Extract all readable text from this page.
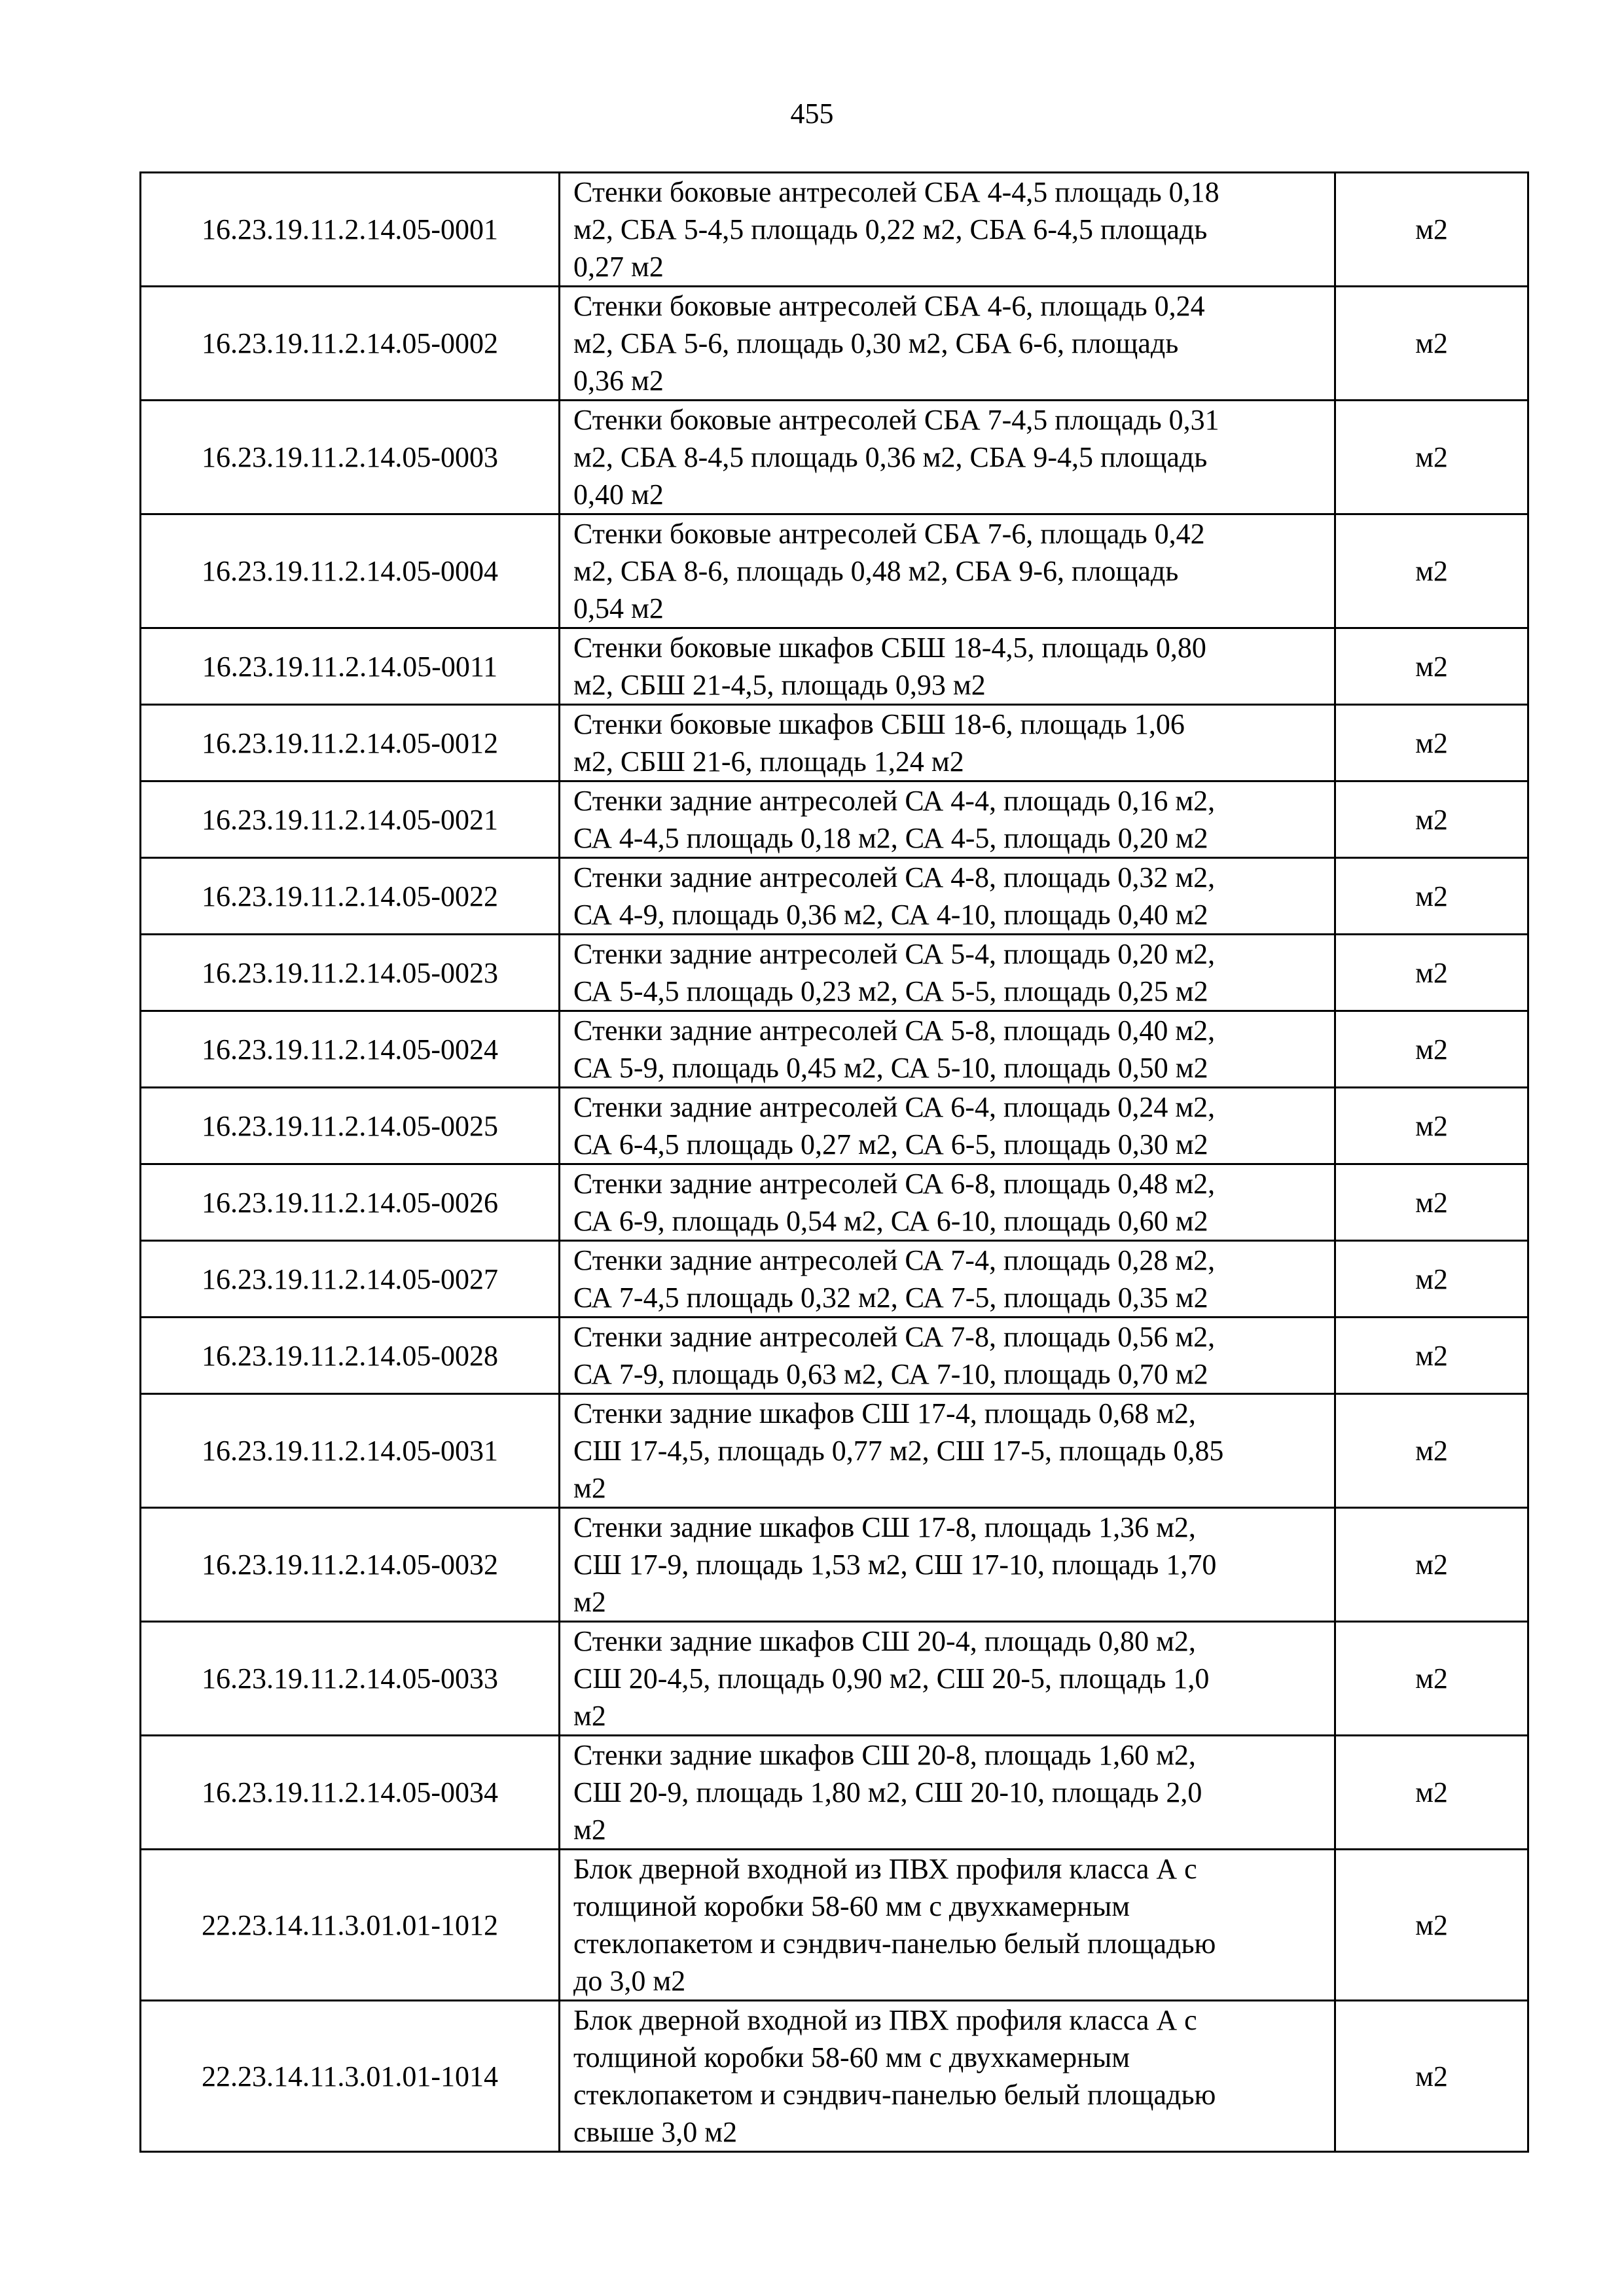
455
16.23.19.11.2.14.05-0001	Стенки боковые антресолей СБА 4-4,5 площадь 0,18
м2, СБА 5-4,5 площадь 0,22 м2, СБА 6-4,5 площадь
0,27 м2	м2
16.23.19.11.2.14.05-0002	Стенки боковые антресолей СБА 4-6, площадь 0,24
м2, СБА 5-6, площадь 0,30 м2, СБА 6-6, площадь
0,36 м2	м2
16.23.19.11.2.14.05-0003	Стенки боковые антресолей СБА 7-4,5 площадь 0,31
м2, СБА 8-4,5 площадь 0,36 м2, СБА 9-4,5 площадь
0,40 м2	м2
16.23.19.11.2.14.05-0004	Стенки боковые антресолей СБА 7-6, площадь 0,42
м2, СБА 8-6, площадь 0,48 м2, СБА 9-6, площадь
0,54 м2	м2
16.23.19.11.2.14.05-0011	Стенки боковые шкафов СБШ 18-4,5, площадь 0,80
м2, СБШ 21-4,5, площадь 0,93 м2	м2
16.23.19.11.2.14.05-0012	Стенки боковые шкафов СБШ 18-6, площадь 1,06
м2, СБШ 21-6, площадь 1,24 м2	м2
16.23.19.11.2.14.05-0021	Стенки задние антресолей СА 4-4, площадь 0,16 м2,
СА 4-4,5 площадь 0,18 м2, СА 4-5, площадь 0,20 м2	м2
16.23.19.11.2.14.05-0022	Стенки задние антресолей СА 4-8, площадь 0,32 м2,
СА 4-9, площадь 0,36 м2, СА 4-10, площадь 0,40 м2	м2
16.23.19.11.2.14.05-0023	Стенки задние антресолей СА 5-4, площадь 0,20 м2,
СА 5-4,5 площадь 0,23 м2, СА 5-5, площадь 0,25 м2	м2
16.23.19.11.2.14.05-0024	Стенки задние антресолей СА 5-8, площадь 0,40 м2,
СА 5-9, площадь 0,45 м2, СА 5-10, площадь 0,50 м2	м2
16.23.19.11.2.14.05-0025	Стенки задние антресолей СА 6-4, площадь 0,24 м2,
СА 6-4,5 площадь 0,27 м2, СА 6-5, площадь 0,30 м2	м2
16.23.19.11.2.14.05-0026	Стенки задние антресолей СА 6-8, площадь 0,48 м2,
СА 6-9, площадь 0,54 м2, СА 6-10, площадь 0,60 м2	м2
16.23.19.11.2.14.05-0027	Стенки задние антресолей СА 7-4, площадь 0,28 м2,
СА 7-4,5 площадь 0,32 м2, СА 7-5, площадь 0,35 м2	м2
16.23.19.11.2.14.05-0028	Стенки задние антресолей СА 7-8, площадь 0,56 м2,
СА 7-9, площадь 0,63 м2, СА 7-10, площадь 0,70 м2	м2
16.23.19.11.2.14.05-0031	Стенки задние шкафов СШ 17-4, площадь 0,68 м2,
СШ 17-4,5, площадь 0,77 м2, СШ 17-5, площадь 0,85
м2	м2
16.23.19.11.2.14.05-0032	Стенки задние шкафов СШ 17-8, площадь 1,36 м2,
СШ 17-9, площадь 1,53 м2, СШ 17-10, площадь 1,70
м2	м2
16.23.19.11.2.14.05-0033	Стенки задние шкафов СШ 20-4, площадь 0,80 м2,
СШ 20-4,5, площадь 0,90 м2, СШ 20-5, площадь 1,0
м2	м2
16.23.19.11.2.14.05-0034	Стенки задние шкафов СШ 20-8, площадь 1,60 м2,
СШ 20-9, площадь 1,80 м2, СШ 20-10, площадь 2,0
м2	м2
22.23.14.11.3.01.01-1012	Блок дверной входной из ПВХ профиля класса А с
толщиной коробки 58-60 мм с двухкамерным
стеклопакетом и сэндвич-панелью белый площадью
до 3,0 м2	м2
22.23.14.11.3.01.01-1014	Блок дверной входной из ПВХ профиля класса А с
толщиной коробки 58-60 мм с двухкамерным
стеклопакетом и сэндвич-панелью белый площадью
свыше 3,0 м2	м2
